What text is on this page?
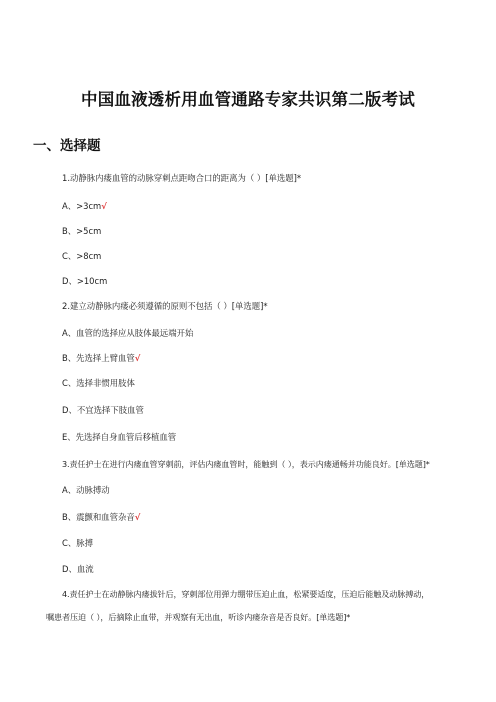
中国血液透析用血管通路专家共识第二版考试
一、选择题
1.动静脉内瘘血管的动脉穿刺点距吻合口的距离为（ ）[单选题]*
A、>3cm√
B、>5cm
C、>8cm
D、>10cm
2.建立动静脉内瘘必须遵循的原则不包括（ ）[单选题]*
A、血管的选择应从肢体最远端开始
B、先选择上臂血管√
C、选择非惯用肢体
D、不宜选择下肢血管
E、先选择自身血管后移植血管
3.责任护士在进行内瘘血管穿刺前，评估内瘘血管时，能触到（ ），表示内瘘通畅并功能良好。[单选题]*
A、动脉搏动
B、震颤和血管杂音√
C、脉搏
D、血流
4.责任护士在动静脉内瘘拔针后，穿刺部位用弹力绷带压迫止血，松紧要适度，压迫后能触及动脉搏动，
嘱患者压迫（ ），后摘除止血带，并观察有无出血，听诊内瘘杂音是否良好。[单选题]*
